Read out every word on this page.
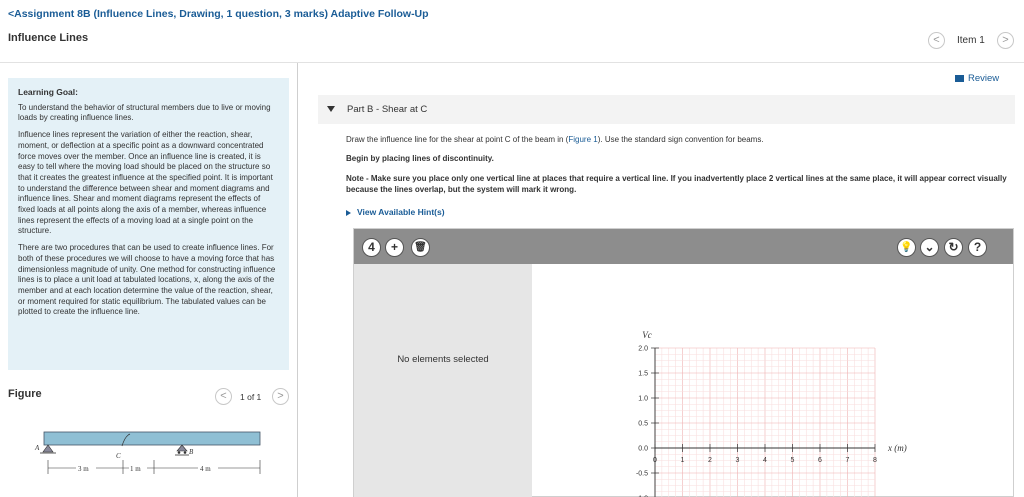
<Assignment 8B (Influence Lines, Drawing, 1 question, 3 marks) Adaptive Follow-Up
Influence Lines	<	Item 1	>
Learning Goal:

To understand the behavior of structural members due to live or moving loads by creating influence lines.

Influence lines represent the variation of either the reaction, shear, moment, or deflection at a specific point as a downward concentrated force moves over the member. Once an influence line is created, it is easy to tell where the moving load should be placed on the structure so that it creates the greatest influence at the specified point. It is important to understand the difference between shear and moment diagrams and influence lines. Shear and moment diagrams represent the effects of fixed loads at all points along the axis of a member, whereas influence lines represent the effects of a moving load at a single point on the structure.

There are two procedures that can be used to create influence lines. For both of these procedures we will choose to have a moving force that has dimensionless magnitude of unity. One method for constructing influence lines is to place a unit load at tabulated locations, x, along the axis of the member and at each location determine the value of the reaction, shear, or moment required for static equilibrium. The tabulated values can be plotted to create the influence line.

Figure	<	1 of 1	>
A
C	B
3 m	1 m	4 m
Review
Part B - Shear at C
Draw the influence line for the shear at point C of the beam in (Figure 1). Use the standard sign convention for beams.
Begin by placing lines of discontinuity.
Note - Make sure you place only one vertical line at places that require a vertical line. If you inadvertently place 2 vertical lines at the same place, it will appear correct visually because the lines overlap, but the system will mark it wrong.
View Available Hint(s)
4	+	🗑	💡 ⌄	↻	?
No elements selected
0	1	2	3	4	5	6	7	8
2.0
1.5
1.0
0.5
0.0
-0.5
Vc
x (m)
